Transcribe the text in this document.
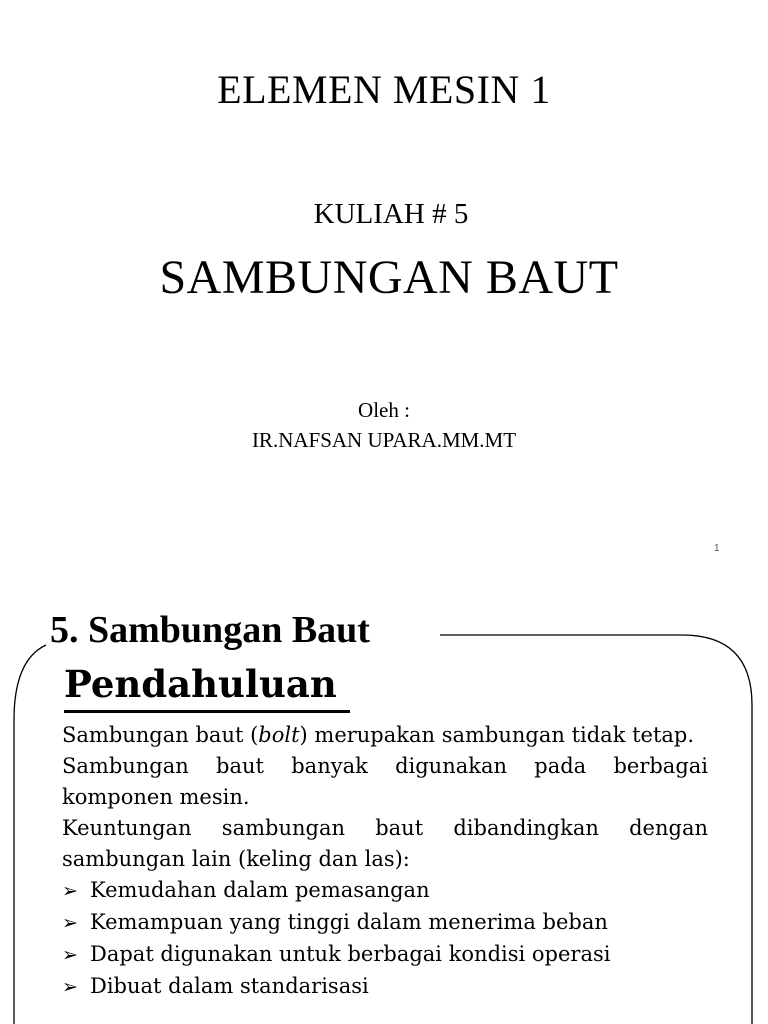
ELEMEN MESIN 1
KULIAH # 5
SAMBUNGAN BAUT
Oleh :
IR.NAFSAN UPARA.MM.MT
1
5. Sambungan Baut
Pendahuluan

Sambungan baut (bolt) merupakan sambungan tidak tetap.

Sambungan baut banyak digunakan pada berbagai komponen mesin.

Keuntungan sambungan baut dibandingkan dengan sambungan lain (keling dan las):

➢ Kemudahan dalam pemasangan
➢ Kemampuan yang tinggi dalam menerima beban
➢ Dapat digunakan untuk berbagai kondisi operasi
➢ Dibuat dalam standarisasi
